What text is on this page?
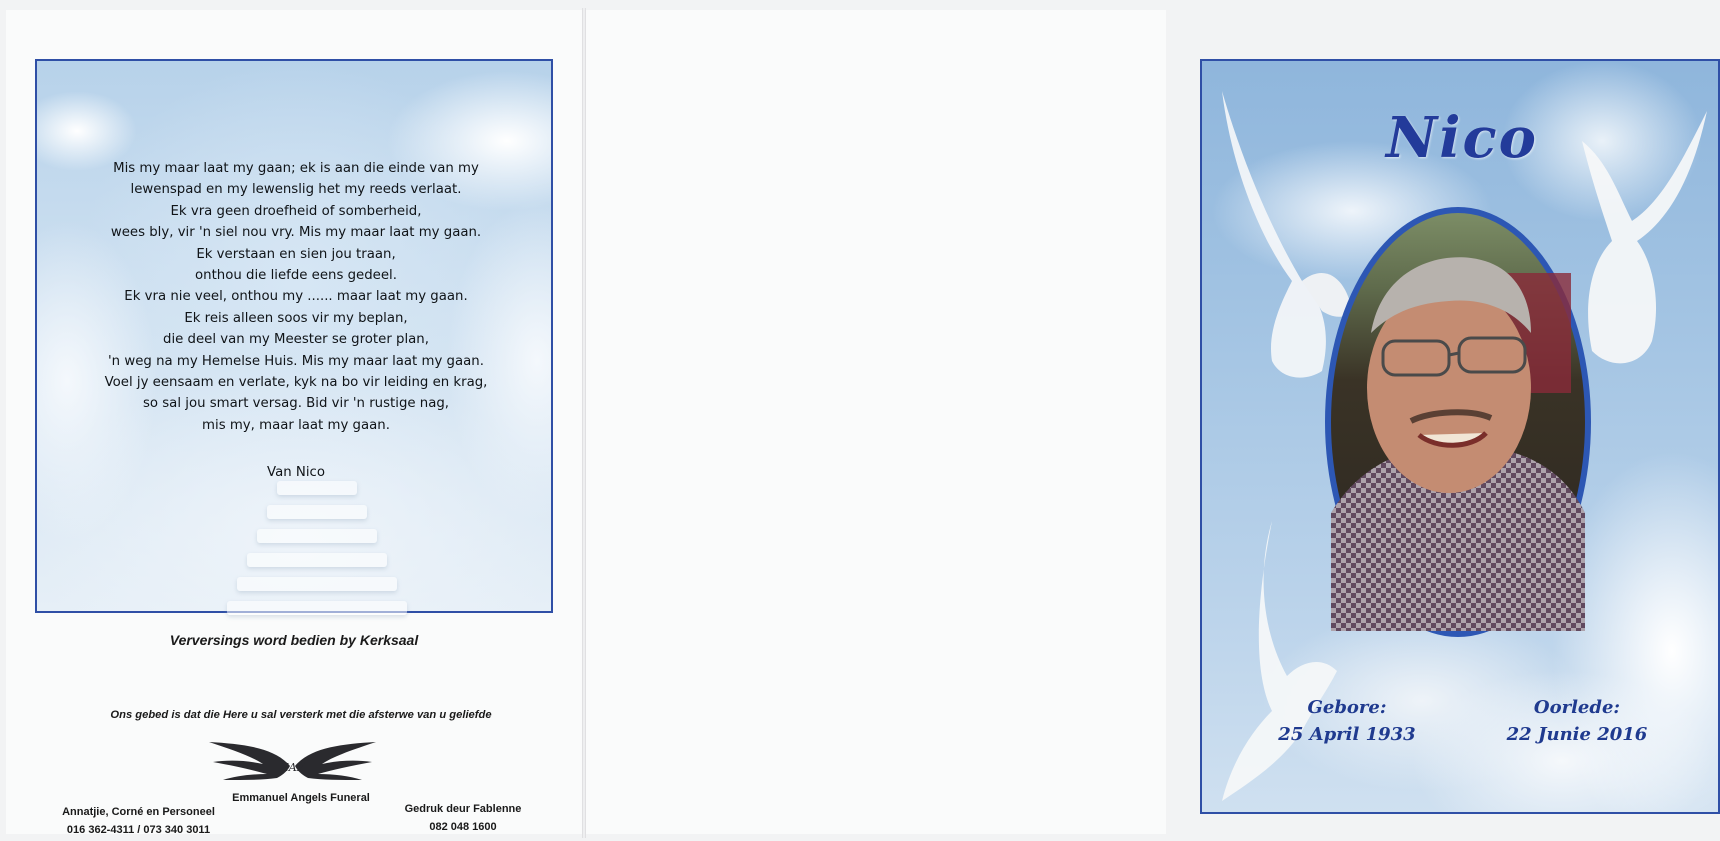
Mis my maar laat my gaan; ek is aan die einde van my
lewenspad en my lewenslig het my reeds verlaat.
Ek vra geen droefheid of somberheid,
wees bly, vir 'n siel nou vry. Mis my maar laat my gaan.
Ek verstaan en sien jou traan,
onthou die liefde eens gedeel.
Ek vra nie veel, onthou my ...... maar laat my gaan.
Ek reis alleen soos vir my beplan,
die deel van my Meester se groter plan,
'n weg na my Hemelse Huis. Mis my maar laat my gaan.
Voel jy eensaam en verlate, kyk na bo vir leiding en krag,
so sal jou smart versag. Bid vir 'n rustige nag,
mis my, maar laat my gaan.
Van Nico
Verversings word bedien by Kerksaal
Ons gebed is dat die Here u sal versterk met die afsterwe van u geliefde
EAF
Emmanuel Angels Funeral
Annatjie, Corné en Personeel
016 362-4311 / 073 340 3011
Gedruk deur Fablenne
082 048 1600
Nico
Gebore:
25 April 1933
Oorlede:
22 Junie 2016
